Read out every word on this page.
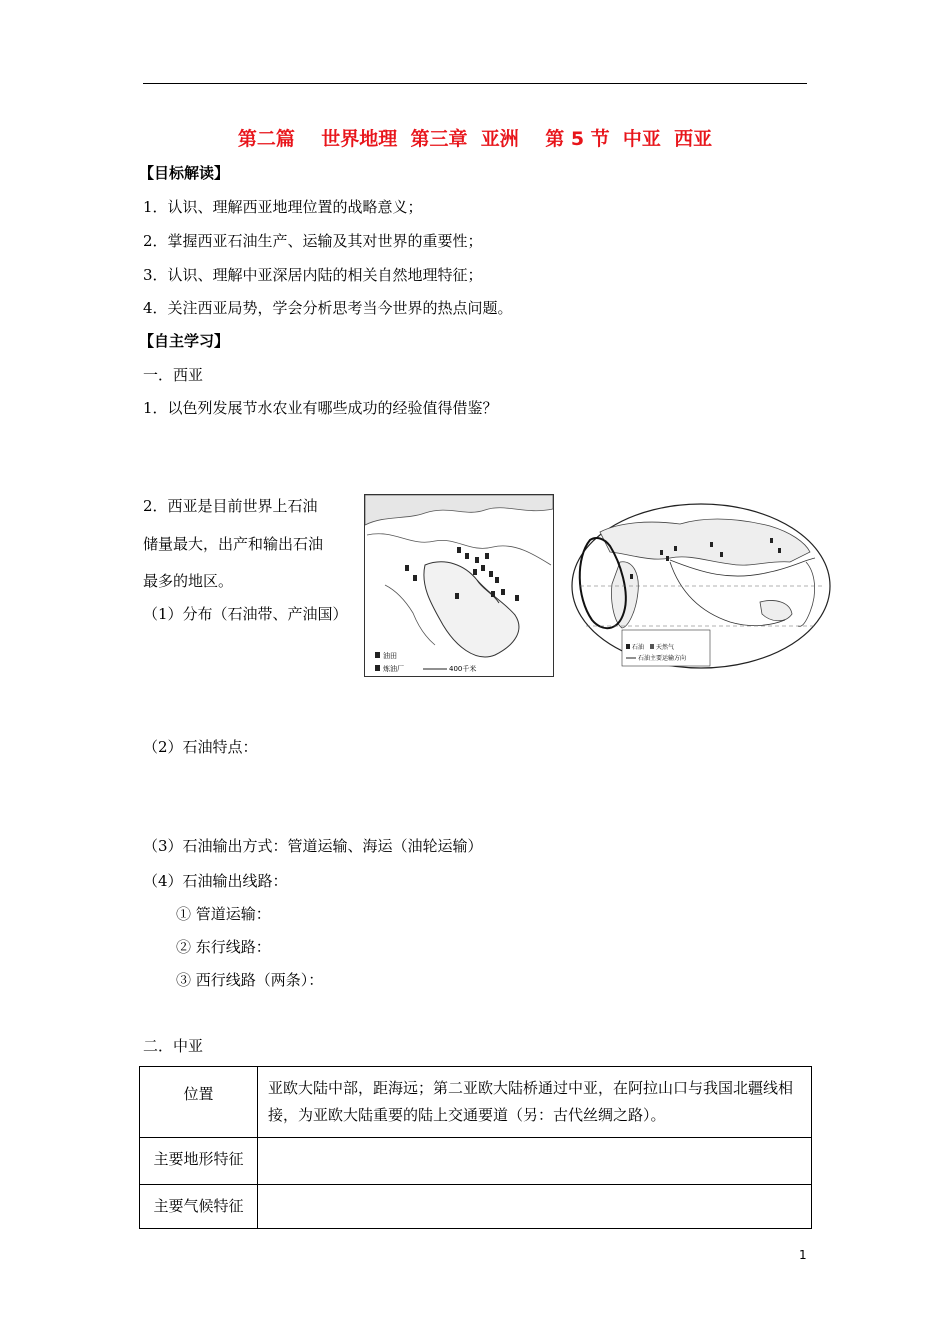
第二篇    世界地理  第三章  亚洲    第 5 节  中亚  西亚
【目标解读】
1．认识、理解西亚地理位置的战略意义；
2．掌握西亚石油生产、运输及其对世界的重要性；
3．认识、理解中亚深居内陆的相关自然地理特征；
4．关注西亚局势，学会分析思考当今世界的热点问题。
【自主学习】
一．西亚
1．以色列发展节水农业有哪些成功的经验值得借鉴？
2．西亚是目前世界上石油
储量最大，出产和输出石油
最多的地区。
（1）分布（石油带、产油国）
油田
炼油厂	400千米
石油 天然气
石油主要运输方向
（2）石油特点：
（3）石油输出方式：管道运输、海运（油轮运输）
（4）石油输出线路：
① 管道运输：
② 东行线路：
③ 西行线路（两条）：
二．中亚
位置	亚欧大陆中部，距海远；第二亚欧大陆桥通过中亚，在阿拉山口与我国北疆线相接，为亚欧大陆重要的陆上交通要道（另：古代丝绸之路）。
主要地形特征	
主要气候特征	
1
